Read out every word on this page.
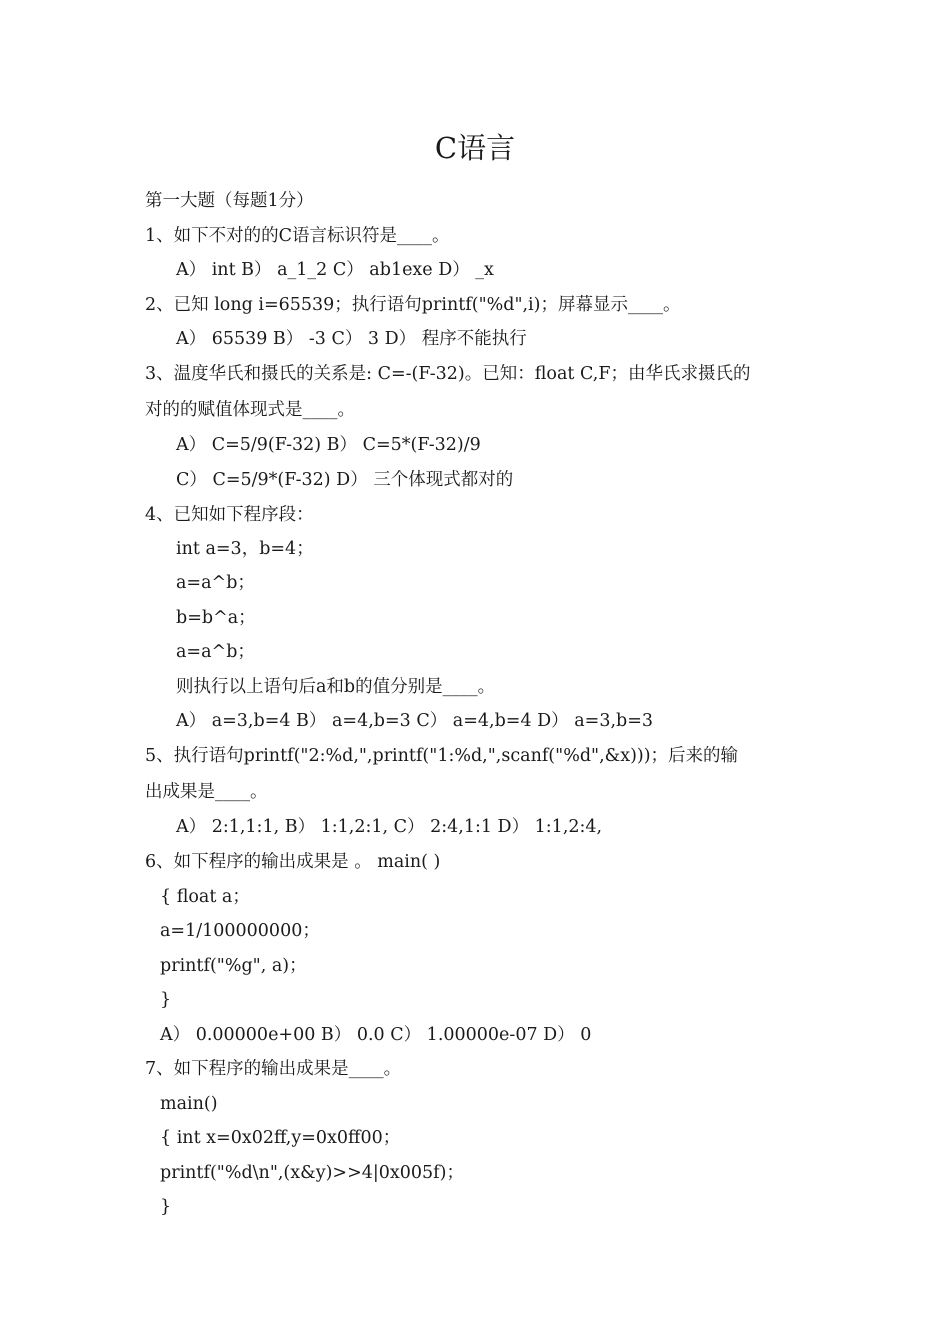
C语言
第一大题（每题1分）
1、如下不对的的C语言标识符是____。
A） int B） a_1_2 C） ab1exe D） _x
2、已知 long i=65539；执行语句printf("%d",i)；屏幕显示____。
A） 65539 B） -3 C） 3 D） 程序不能执行
3、温度华氏和摄氏的关系是: C=-(F-32)。已知：float C,F；由华氏求摄氏的
对的的赋值体现式是____。
A） C=5/9(F-32) B） C=5*(F-32)/9
C） C=5/9*(F-32) D） 三个体现式都对的
4、已知如下程序段：
int a=3，b=4；
a=a^b；
b=b^a；
a=a^b；
则执行以上语句后a和b的值分别是____。
A） a=3,b=4 B） a=4,b=3 C） a=4,b=4 D） a=3,b=3
5、执行语句printf("2:%d,",printf("1:%d,",scanf("%d",&x)))；后来的输
出成果是____。
A） 2:1,1:1, B） 1:1,2:1, C） 2:4,1:1 D） 1:1,2:4,
6、如下程序的输出成果是 。 main( )
{ float a；
a=1/100000000；
printf("%g", a)；
}
A） 0.00000e+00 B） 0.0 C） 1.00000e-07 D） 0
7、如下程序的输出成果是____。
main()
{ int x=0x02ff,y=0x0ff00；
printf("%d\n",(x&y)>>4|0x005f)；
}
